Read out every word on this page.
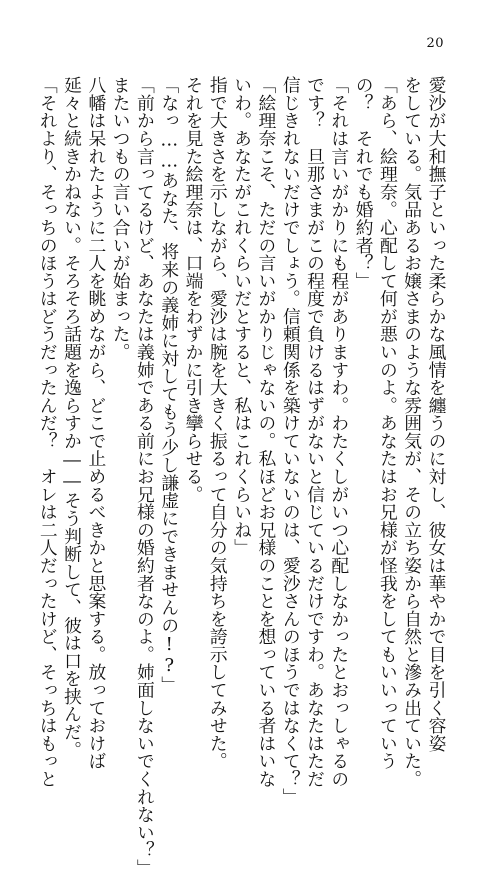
20

愛沙が大和撫子といった柔らかな風情を纏うのに対し、彼女は華やかで目を引く容姿

をしている。気品あるお嬢さまのような雰囲気が、その立ち姿から自然と滲み出ていた。

「あら、絵理奈。心配して何が悪いのよ。あなたはお兄様が怪我をしてもいいっていう

の？　それでも婚約者？」

「それは言いがかりにも程がありますわ。わたくしがいつ心配しなかったとおっしゃるの

です？　旦那さまがこの程度で負けるはずがないと信じているだけですわ。あなたはただ

信じきれないだけでしょう。信頼関係を築けていないのは、愛沙さんのほうではなくて？」

「絵理奈こそ、ただの言いがかりじゃないの。私ほどお兄様のことを想っている者はいな

いわ。あなたがこれくらいだとすると、私はこれくらいね」

指で大きさを示しながら、愛沙は腕を大きく振るって自分の気持ちを誇示してみせた。

それを見た絵理奈は、口端をわずかに引き攣らせる。

「なっ……あなた、将来の義姉に対してもう少し謙虚にできませんの!?」

「前から言ってるけど、あなたは義姉である前にお兄様の婚約者なのよ。姉面しないでくれない？」

またいつもの言い合いが始まった。

八幡は呆れたように二人を眺めながら、どこで止めるべきかと思案する。放っておけば

延々と続きかねない。そろそろ話題を逸らすか――そう判断して、彼は口を挟んだ。

「それより、そっちのほうはどうだったんだ？　オレは二人だったけど、そっちはもっと
